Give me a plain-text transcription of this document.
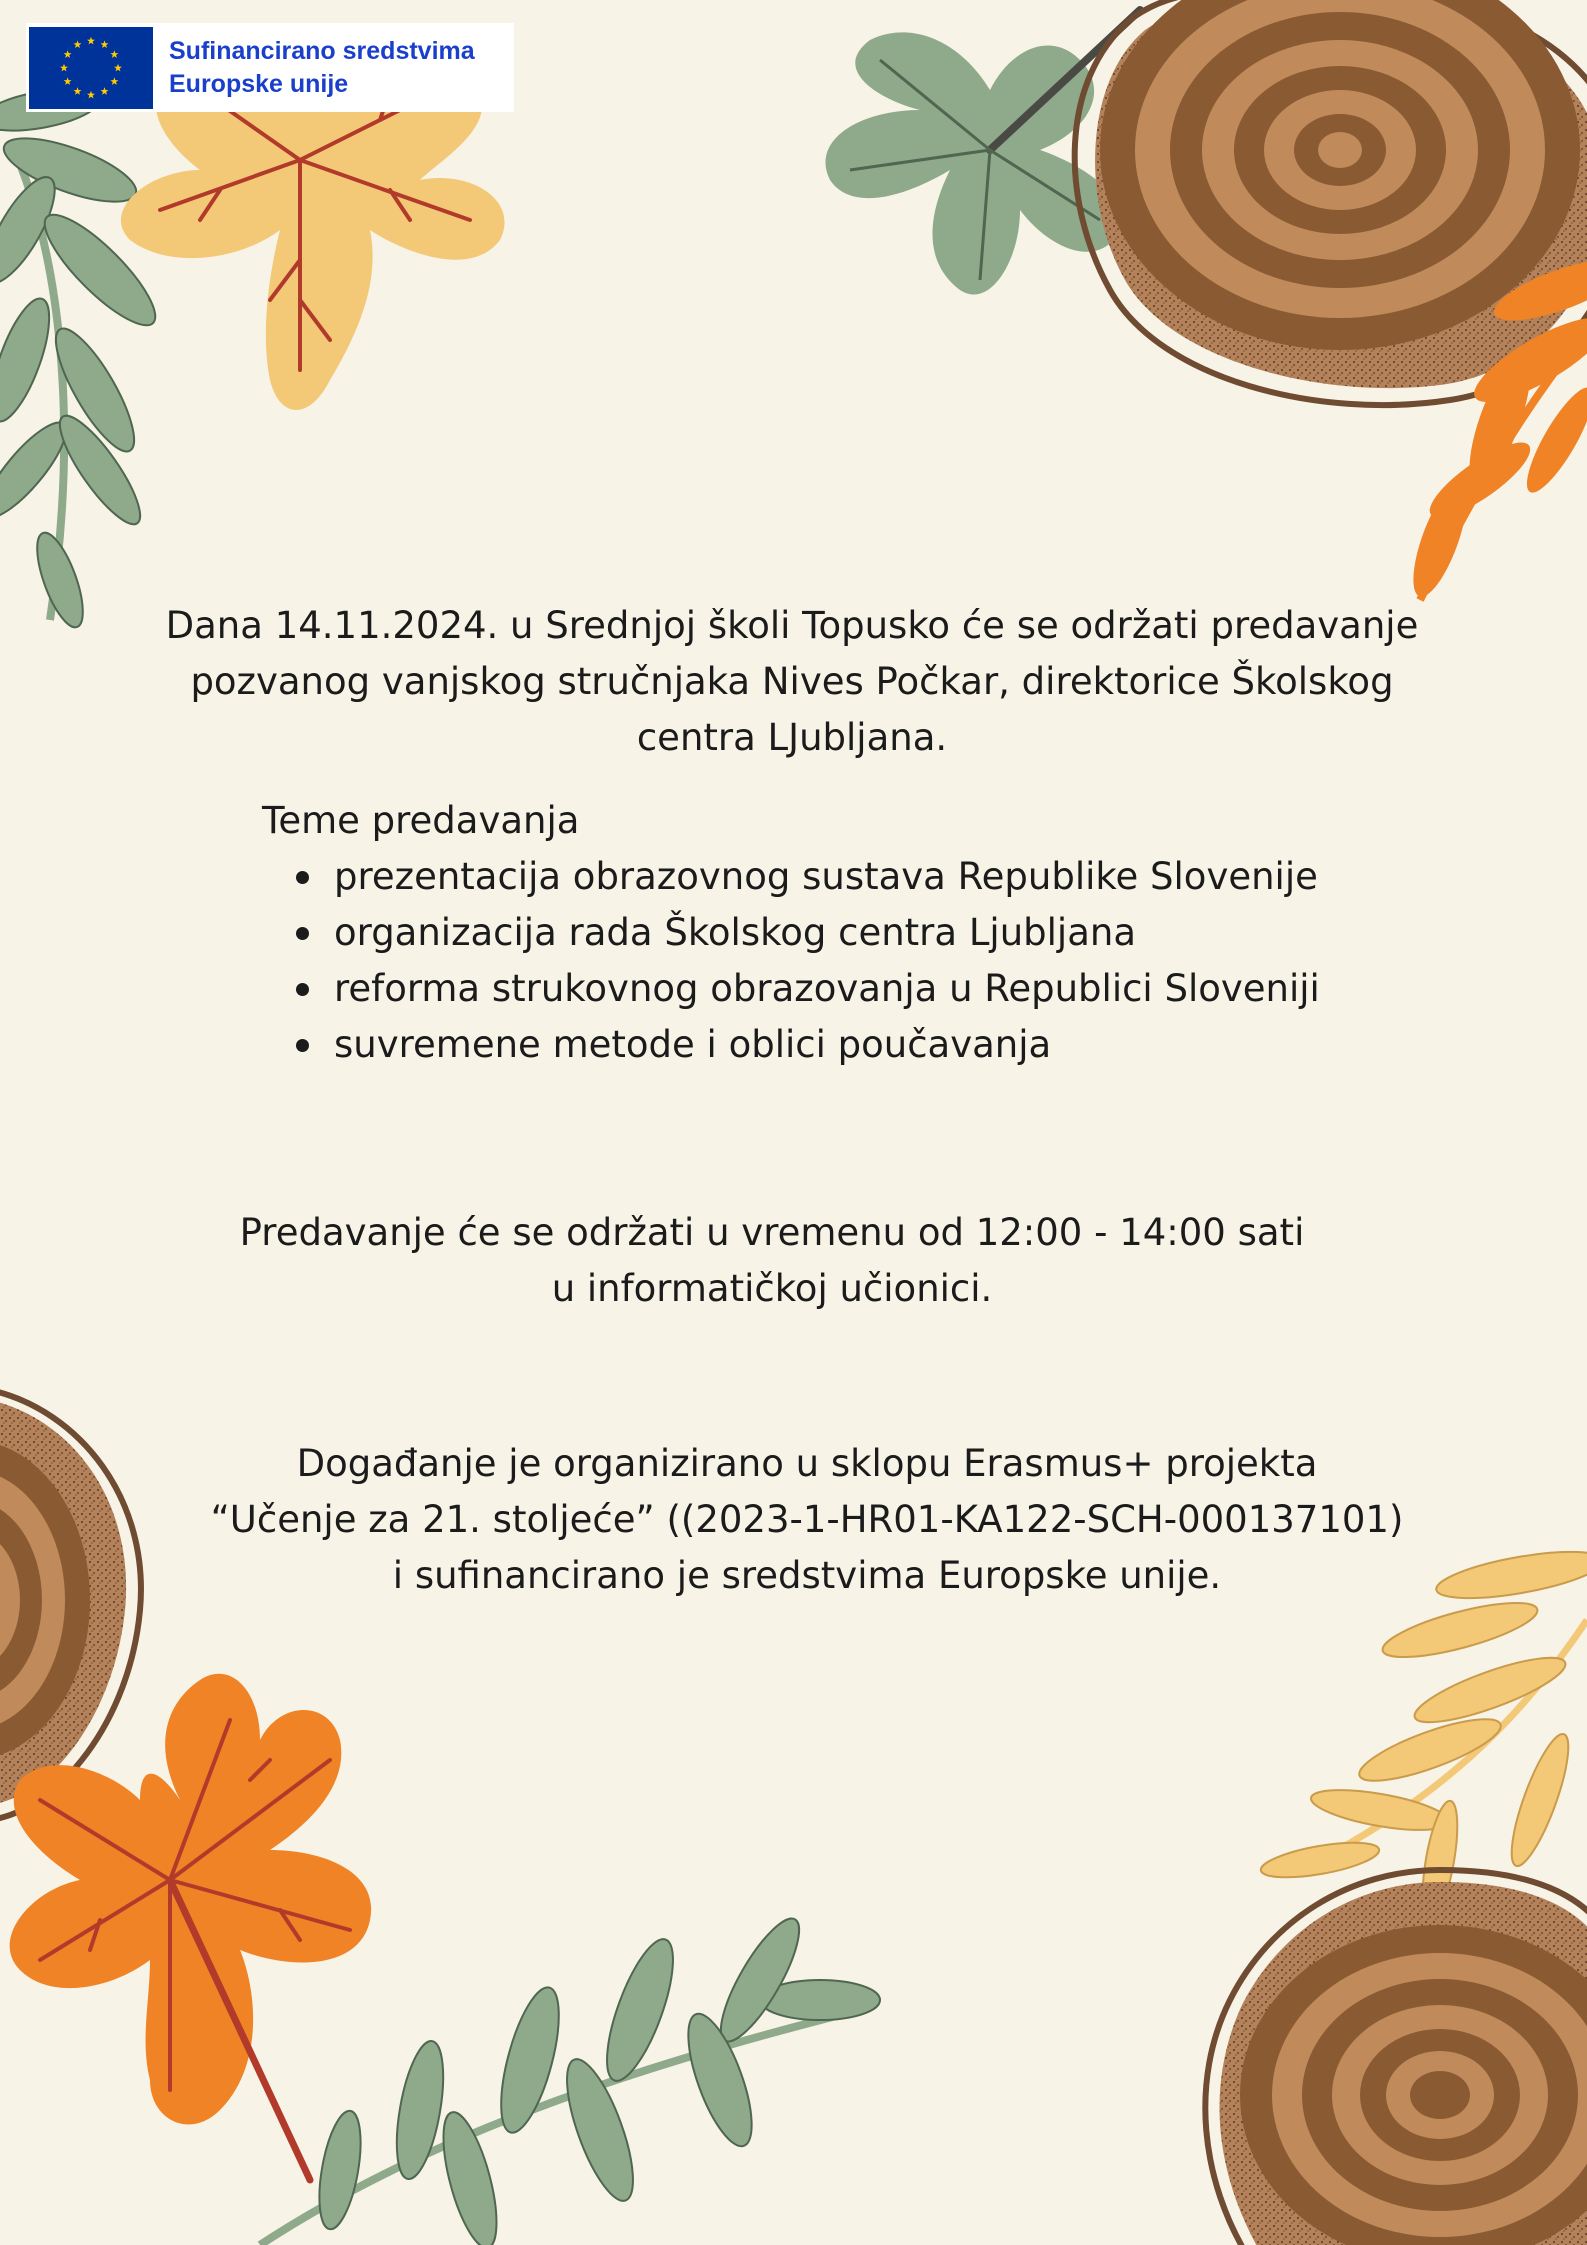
Sufinancirano sredstvima
Europske unije
Dana 14.11.2024. u Srednjoj školi Topusko će se održati predavanje
pozvanog vanjskog stručnjaka Nives Počkar, direktorice Školskog
centra LJubljana.
Teme predavanja
prezentacija obrazovnog sustava Republike Slovenije
organizacija rada Školskog centra Ljubljana
reforma strukovnog obrazovanja u Republici Sloveniji
suvremene metode i oblici poučavanja
Predavanje će se održati u vremenu od 12:00 - 14:00 sati
u informatičkoj učionici.
Događanje je organizirano u sklopu Erasmus+ projekta
“Učenje za 21. stoljeće” ((2023-1-HR01-KA122-SCH-000137101)
i sufinancirano je sredstvima Europske unije.
